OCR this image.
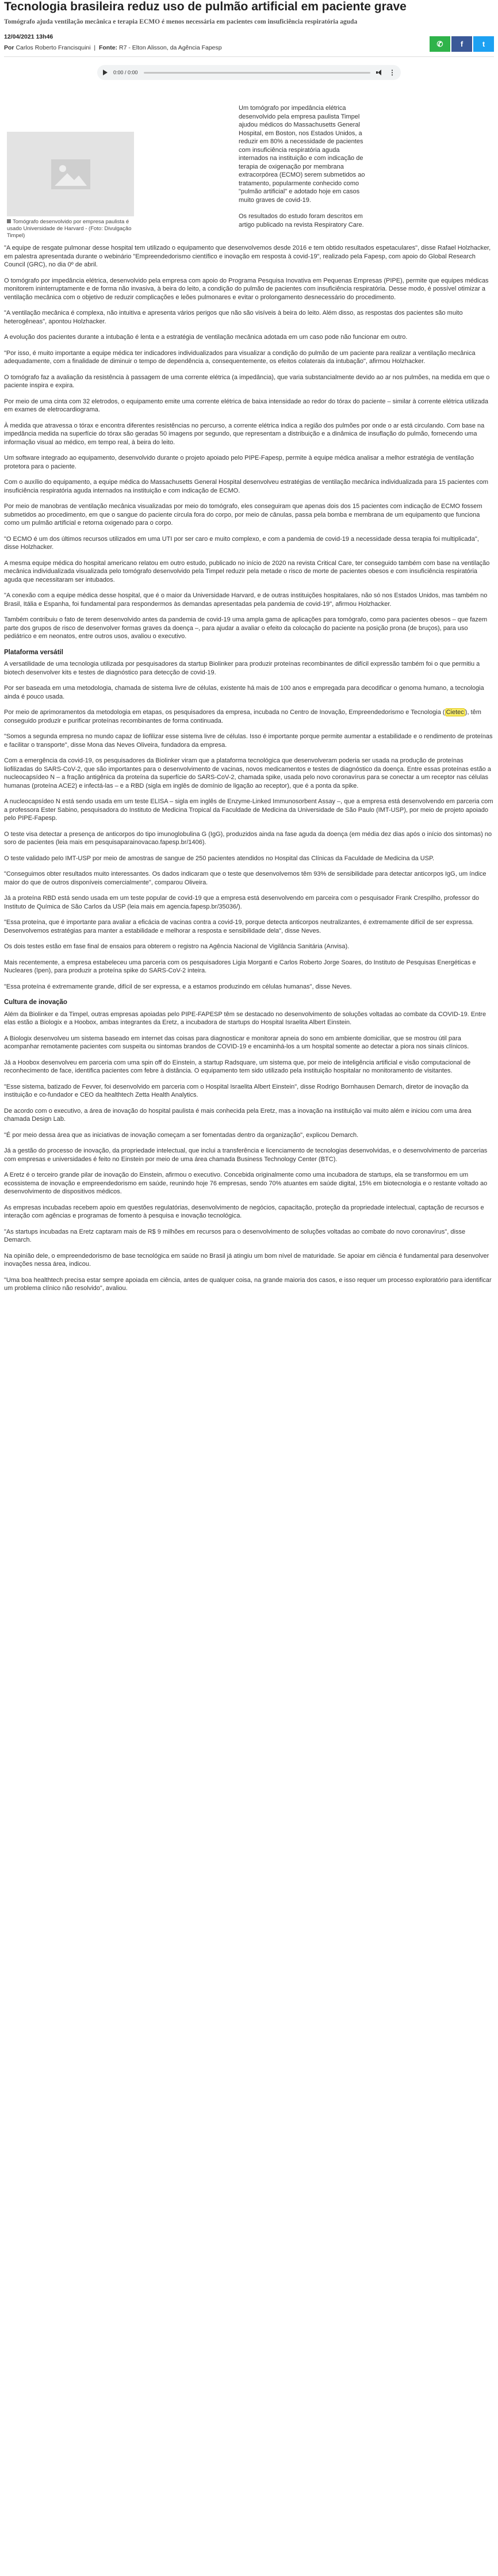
Tecnologia brasileira reduz uso de pulmão artificial em paciente grave
Tomógrafo ajuda ventilação mecânica e terapia ECMO é menos necessária em pacientes com insuficiência respiratória aguda
12/04/2021 13h46
Por Carlos Roberto Francisquini  |  Fonte: R7 - Elton Alisson, da Agência Fapesp	✆	f	t
0:00 / 0:00	⋮
Tomógrafo desenvolvido por empresa paulista é usado Universidade de Harvard - (Foto: Divulgação Timpel)

Um tomógrafo por impedância elétrica desenvolvido pela empresa paulista Timpel ajudou médicos do Massachusetts General Hospital, em Boston, nos Estados Unidos, a reduzir em 80% a necessidade de pacientes com insuficiência respiratória aguda internados na instituição e com indicação de terapia de oxigenação por membrana extracorpórea (ECMO) serem submetidos ao tratamento, popularmente conhecido como "pulmão artificial" e adotado hoje em casos muito graves de covid-19.

Os resultados do estudo foram descritos em artigo publicado na revista Respiratory Care.

"A equipe de resgate pulmonar desse hospital tem utilizado o equipamento que desenvolvemos desde 2016 e tem obtido resultados espetaculares", disse Rafael Holzhacker, em palestra apresentada durante o webinário "Empreendedorismo científico e inovação em resposta à covid-19", realizado pela Fapesp, com apoio do Global Research Council (GRC), no dia 0º de abril.

O tomógrafo por impedância elétrica, desenvolvido pela empresa com apoio do Programa Pesquisa Inovativa em Pequenas Empresas (PIPE), permite que equipes médicas monitorem ininterruptamente e de forma não invasiva, à beira do leito, a condição do pulmão de pacientes com insuficiência respiratória. Desse modo, é possível otimizar a ventilação mecânica com o objetivo de reduzir complicações e leões pulmonares e evitar o prolongamento desnecessário do procedimento.

"A ventilação mecânica é complexa, não intuitiva e apresenta vários perigos que não são visíveis à beira do leito. Além disso, as respostas dos pacientes são muito heterogêneas", apontou Holzhacker.

A evolução dos pacientes durante a intubação é lenta e a estratégia de ventilação mecânica adotada em um caso pode não funcionar em outro.

"Por isso, é muito importante a equipe médica ter indicadores individualizados para visualizar a condição do pulmão de um paciente para realizar a ventilação mecânica adequadamente, com a finalidade de diminuir o tempo de dependência a, consequentemente, os efeitos colaterais da intubação", afirmou Holzhacker.

O tomógrafo faz a avaliação da resistência à passagem de uma corrente elétrica (a impedância), que varia substancialmente devido ao ar nos pulmões, na medida em que o paciente inspira e expira.

Por meio de uma cinta com 32 eletrodos, o equipamento emite uma corrente elétrica de baixa intensidade ao redor do tórax do paciente – similar à corrente elétrica utilizada em exames de eletrocardiograma.

À medida que atravessa o tórax e encontra diferentes resistências no percurso, a corrente elétrica indica a região dos pulmões por onde o ar está circulando. Com base na impedância medida na superfície do tórax são geradas 50 imagens por segundo, que representam a distribuição e a dinâmica de insuflação do pulmão, fornecendo uma informação visual ao médico, em tempo real, à beira do leito.

Um software integrado ao equipamento, desenvolvido durante o projeto apoiado pelo PIPE-Fapesp, permite à equipe médica analisar a melhor estratégia de ventilação protetora para o paciente.

Com o auxílio do equipamento, a equipe médica do Massachusetts General Hospital desenvolveu estratégias de ventilação mecânica individualizada para 15 pacientes com insuficiência respiratória aguda internados na instituição e com indicação de ECMO.

Por meio de manobras de ventilação mecânica visualizadas por meio do tomógrafo, eles conseguiram que apenas dois dos 15 pacientes com indicação de ECMO fossem submetidos ao procedimento, em que o sangue do paciente circula fora do corpo, por meio de cânulas, passa pela bomba e membrana de um equipamento que funciona como um pulmão artificial e retorna oxigenado para o corpo.

"O ECMO é um dos últimos recursos utilizados em uma UTI por ser caro e muito complexo, e com a pandemia de covid-19 a necessidade dessa terapia foi multiplicada", disse Holzhacker.

A mesma equipe médica do hospital americano relatou em outro estudo, publicado no início de 2020 na revista Critical Care, ter conseguido também com base na ventilação mecânica individualizada visualizada pelo tomógrafo desenvolvido pela Timpel reduzir pela metade o risco de morte de pacientes obesos e com insuficiência respiratória aguda que necessitaram ser intubados.

"A conexão com a equipe médica desse hospital, que é o maior da Universidade Harvard, e de outras instituições hospitalares, não só nos Estados Unidos, mas também no Brasil, Itália e Espanha, foi fundamental para respondermos às demandas apresentadas pela pandemia de covid-19", afirmou Holzhacker.

Também contribuiu o fato de terem desenvolvido antes da pandemia de covid-19 uma ampla gama de aplicações para tomógrafo, como para pacientes obesos – que fazem parte dos grupos de risco de desenvolver formas graves da doença –, para ajudar a avaliar o efeito da colocação do paciente na posição prona (de bruços), para uso pediátrico e em neonatos, entre outros usos, avaliou o executivo.

Plataforma versátil

A versatilidade de uma tecnologia utilizada por pesquisadores da startup Biolinker para produzir proteínas recombinantes de difícil expressão também foi o que permitiu a biotech desenvolver kits e testes de diagnóstico para detecção de covid-19.

Por ser baseada em uma metodologia, chamada de sistema livre de células, existente há mais de 100 anos e empregada para decodificar o genoma humano, a tecnologia ainda é pouco usada.

Por meio de aprimoramentos da metodologia em etapas, os pesquisadores da empresa, incubada no Centro de Inovação, Empreendedorismo e Tecnologia ( Cietec ), têm conseguido produzir e purificar proteínas recombinantes de forma continuada.

"Somos a segunda empresa no mundo capaz de liofilizar esse sistema livre de células. Isso é importante porque permite aumentar a estabilidade e o rendimento de proteínas e facilitar o transporte", disse Mona das Neves Oliveira, fundadora da empresa.

Com a emergência da covid-19, os pesquisadores da Biolinker viram que a plataforma tecnológica que desenvolveram poderia ser usada na produção de proteínas liofilizadas do SARS-CoV-2, que são importantes para o desenvolvimento de vacinas, novos medicamentos e testes de diagnóstico da doença. Entre essas proteínas estão a nucleocapsídeo N – a fração antigênica da proteína da superfície do SARS-CoV-2, chamada spike, usada pelo novo coronavírus para se conectar a um receptor nas células humanas (proteína ACE2) e infectá-las – e a RBD (sigla em inglês de domínio de ligação ao receptor), que é a ponta da spike.

A nucleocapsídeo N está sendo usada em um teste ELISA – sigla em inglês de Enzyme-Linked Immunosorbent Assay –, que a empresa está desenvolvendo em parceria com a professora Ester Sabino, pesquisadora do Instituto de Medicina Tropical da Faculdade de Medicina da Universidade de São Paulo (IMT-USP), por meio de projeto apoiado pelo PIPE-Fapesp.

O teste visa detectar a presença de anticorpos do tipo imunoglobulina G (IgG), produzidos ainda na fase aguda da doença (em média dez dias após o início dos sintomas) no soro de pacientes (leia mais em pesquisaparainovacao.fapesp.br/1406).

O teste validado pelo IMT-USP por meio de amostras de sangue de 250 pacientes atendidos no Hospital das Clínicas da Faculdade de Medicina da USP.

"Conseguimos obter resultados muito interessantes. Os dados indicaram que o teste que desenvolvemos têm 93% de sensibilidade para detectar anticorpos IgG, um índice maior do que de outros disponíveis comercialmente", comparou Oliveira.

Já a proteína RBD está sendo usada em um teste popular de covid-19 que a empresa está desenvolvendo em parceira com o pesquisador Frank Crespilho, professor do Instituto de Química de São Carlos da USP (leia mais em agencia.fapesp.br/35036/).

"Essa proteína, que é importante para avaliar a eficácia de vacinas contra a covid-19, porque detecta anticorpos neutralizantes, é extremamente difícil de ser expressa. Desenvolvemos estratégias para manter a estabilidade e melhorar a resposta e sensibilidade dela", disse Neves.

Os dois testes estão em fase final de ensaios para obterem o registro na Agência Nacional de Vigilância Sanitária (Anvisa).

Mais recentemente, a empresa estabeleceu uma parceria com os pesquisadores Ligia Morganti e Carlos Roberto Jorge Soares, do Instituto de Pesquisas Energéticas e Nucleares (Ipen), para produzir a proteína spike do SARS-CoV-2 inteira.

"Essa proteína é extremamente grande, difícil de ser expressa, e a estamos produzindo em células humanas", disse Neves.

Cultura de inovação

Além da Biolinker e da Timpel, outras empresas apoiadas pelo PIPE-FAPESP têm se destacado no desenvolvimento de soluções voltadas ao combate da COVID-19. Entre elas estão a Biologix e a Hoobox, ambas integrantes da Eretz, a incubadora de startups do Hospital Israelita Albert Einstein.

A Biologix desenvolveu um sistema baseado em internet das coisas para diagnosticar e monitorar apneia do sono em ambiente domiciliar, que se mostrou útil para acompanhar remotamente pacientes com suspeita ou sintomas brandos de COVID-19 e encaminhá-los a um hospital somente ao detectar a piora nos sinais clínicos.

Já a Hoobox desenvolveu em parceria com uma spin off do Einstein, a startup Radsquare, um sistema que, por meio de inteligência artificial e visão computacional de reconhecimento de face, identifica pacientes com febre à distância. O equipamento tem sido utilizado pela instituição hospitalar no monitoramento de visitantes.

"Esse sistema, batizado de Fevver, foi desenvolvido em parceria com o Hospital Israelita Albert Einstein", disse Rodrigo Bornhausen Demarch, diretor de inovação da instituição e co-fundador e CEO da healthtech Zetta Health Analytics.

De acordo com o executivo, a área de inovação do hospital paulista é mais conhecida pela Eretz, mas a inovação na instituição vai muito além e iniciou com uma área chamada Design Lab.

"É por meio dessa área que as iniciativas de inovação começam a ser fomentadas dentro da organização", explicou Demarch.

Já a gestão do processo de inovação, da propriedade intelectual, que inclui a transferência e licenciamento de tecnologias desenvolvidas, e o desenvolvimento de parcerias com empresas e universidades é feito no Einstein por meio de uma área chamada Business Technology Center (BTC).

A Eretz é o terceiro grande pilar de inovação do Einstein, afirmou o executivo. Concebida originalmente como uma incubadora de startups, ela se transformou em um ecossistema de inovação e empreendedorismo em saúde, reunindo hoje 76 empresas, sendo 70% atuantes em saúde digital, 15% em biotecnologia e o restante voltado ao desenvolvimento de dispositivos médicos.

As empresas incubadas recebem apoio em questões regulatórias, desenvolvimento de negócios, capacitação, proteção da propriedade intelectual, captação de recursos e interação com agências e programas de fomento à pesquisa e inovação tecnológica.

"As startups incubadas na Eretz captaram mais de R$ 9 milhões em recursos para o desenvolvimento de soluções voltadas ao combate do novo coronavírus", disse Demarch.

Na opinião dele, o empreendedorismo de base tecnológica em saúde no Brasil já atingiu um bom nível de maturidade. Se apoiar em ciência é fundamental para desenvolver inovações nessa área, indicou.

"Uma boa healthtech precisa estar sempre apoiada em ciência, antes de qualquer coisa, na grande maioria dos casos, e isso requer um processo exploratório para identificar um problema clínico não resolvido", avaliou.
